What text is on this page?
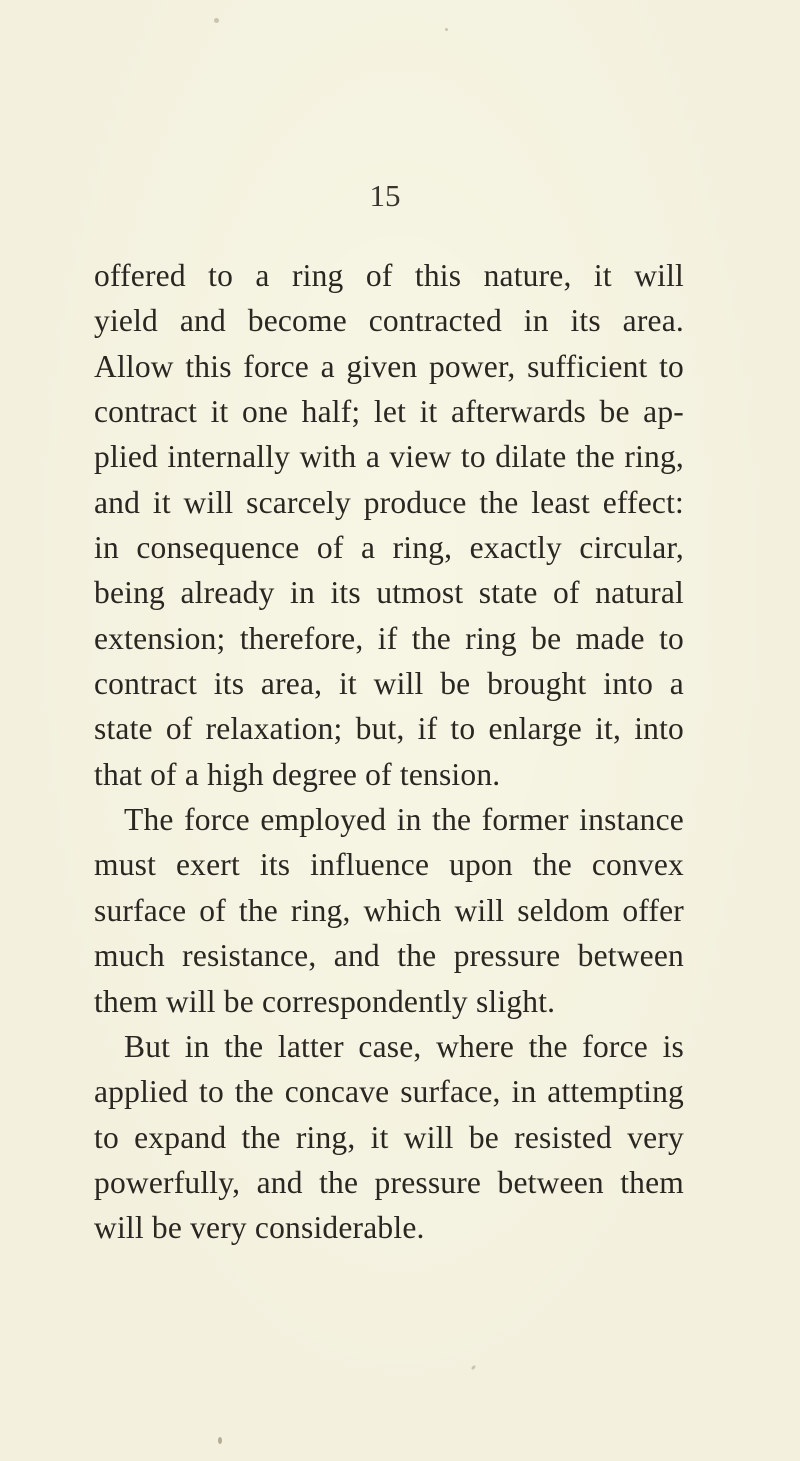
15
offered to a ring of this nature, it will
yield and become contracted in its area.
Allow this force a given power, sufficient to
contract it one half; let it afterwards be ap-
plied internally with a view to dilate the ring,
and it will scarcely produce the least effect:
in consequence of a ring, exactly circular,
being already in its utmost state of natural
extension; therefore, if the ring be made to
contract its area, it will be brought into a
state of relaxation; but, if to enlarge it, into
that of a high degree of tension.
The force employed in the former instance
must exert its influence upon the convex
surface of the ring, which will seldom offer
much resistance, and the pressure between
them will be correspondently slight.
But in the latter case, where the force is
applied to the concave surface, in attempting
to expand the ring, it will be resisted very
powerfully, and the pressure between them
will be very considerable.
